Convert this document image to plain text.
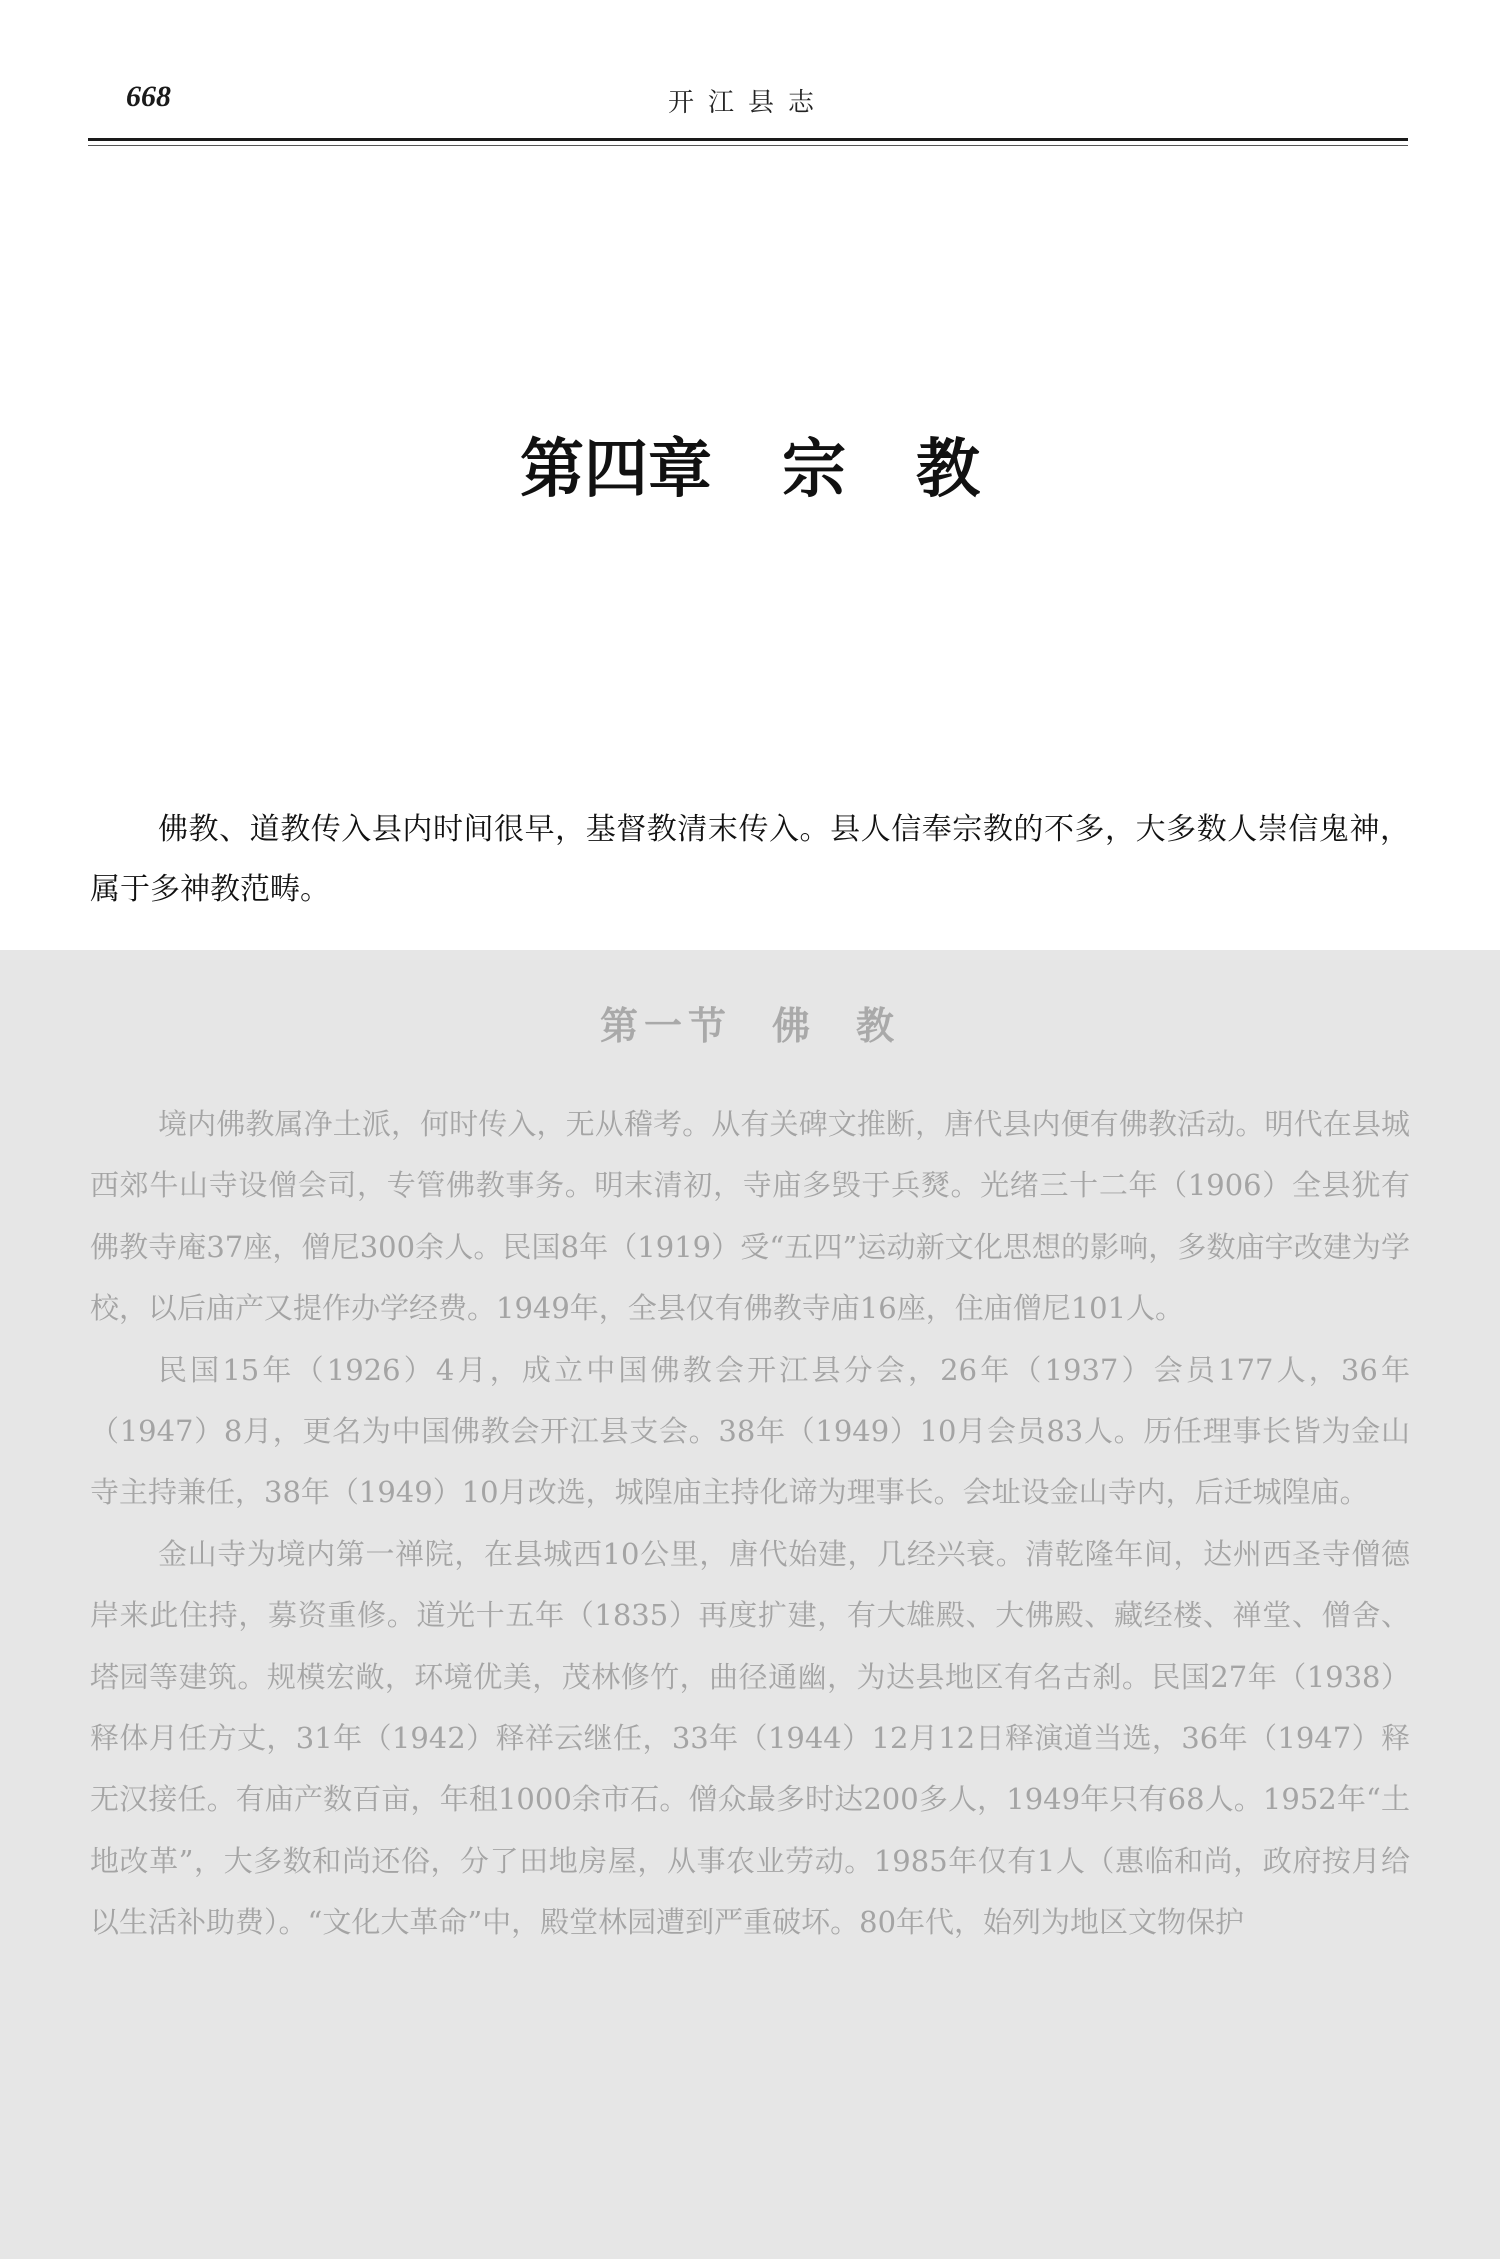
668	开江县志
第四章 宗 教
佛教、道教传入县内时间很早，基督教清末传入。县人信奉宗教的不多，大多数人崇信鬼神，属于多神教范畴。
第一节 佛 教

境内佛教属净土派，何时传入，无从稽考。从有关碑文推断，唐代县内便有佛教活动。明代在县城西郊牛山寺设僧会司，专管佛教事务。明末清初，寺庙多毁于兵燹。光绪三十二年（1906）全县犹有佛教寺庵37座，僧尼300余人。民国8年（1919）受“五四”运动新文化思想的影响，多数庙宇改建为学校，以后庙产又提作办学经费。1949年，全县仅有佛教寺庙16座，住庙僧尼101人。

民国15年（1926）4月，成立中国佛教会开江县分会，26年（1937）会员177人，36年（1947）8月，更名为中国佛教会开江县支会。38年（1949）10月会员83人。历任理事长皆为金山寺主持兼任，38年（1949）10月改选，城隍庙主持化谛为理事长。会址设金山寺内，后迁城隍庙。

金山寺为境内第一禅院，在县城西10公里，唐代始建，几经兴衰。清乾隆年间，达州西圣寺僧德岸来此住持，募资重修。道光十五年（1835）再度扩建，有大雄殿、大佛殿、藏经楼、禅堂、僧舍、塔园等建筑。规模宏敞，环境优美，茂林修竹，曲径通幽，为达县地区有名古刹。民国27年（1938）释体月任方丈，31年（1942）释祥云继任，33年（1944）12月12日释演道当选，36年（1947）释无汉接任。有庙产数百亩，年租1000余市石。僧众最多时达200多人，1949年只有68人。1952年“土地改革”，大多数和尚还俗，分了田地房屋，从事农业劳动。1985年仅有1人（惠临和尚，政府按月给以生活补助费）。“文化大革命”中，殿堂林园遭到严重破坏。80年代，始列为地区文物保护
